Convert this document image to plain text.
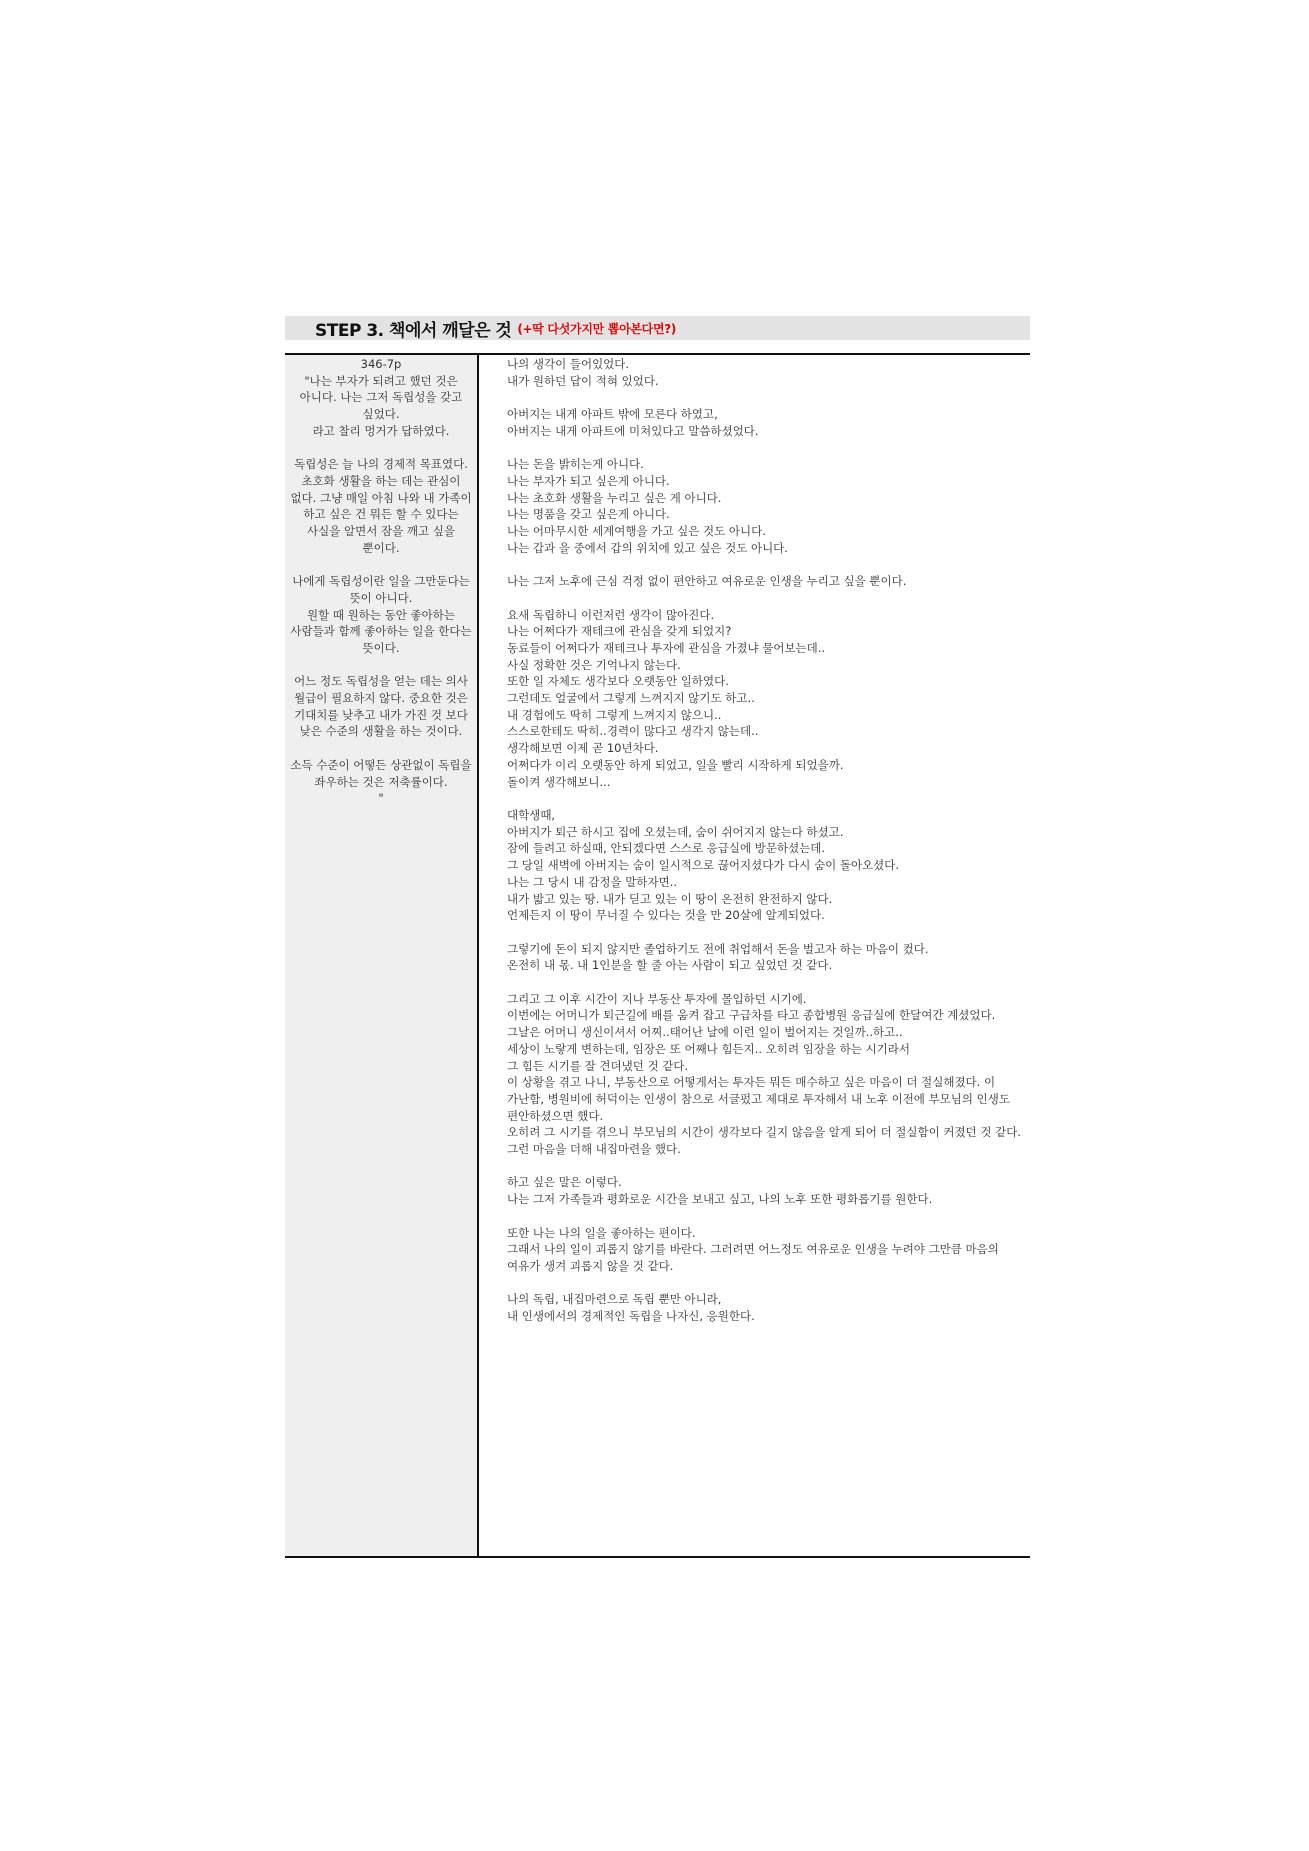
STEP 3. 책에서 깨달은 것 (+딱 다섯가지만 뽑아본다면?)

346-7p

"나는 부자가 되려고 했던 것은 아니다. 나는 그저 독립성을 갖고 싶었다.
라고 찰리 멍거가 답하였다.

독립성은 늘 나의 경제적 목표였다.
초호화 생활을 하는 데는 관심이 없다. 그냥 매일 아침 나와 내 가족이 하고 싶은 건 뭐든 할 수 있다는 사실을 알면서 잠을 깨고 싶을 뿐이다.

나에게 독립성이란 일을 그만둔다는 뜻이 아니다.
원할 때 원하는 동안 좋아하는 사람들과 함께 좋아하는 일을 한다는 뜻이다.

어느 정도 독립성을 얻는 데는 의사 월급이 필요하지 않다. 중요한 것은 기대치를 낮추고 내가 가진 것 보다 낮은 수준의 생활을 하는 것이다.

소득 수준이 어떻든 상관없이 독립을 좌우하는 것은 저축률이다.
"

나의 생각이 들어있었다.
내가 원하던 답이 적혀 있었다.

아버지는 내게 아파트 밖에 모른다 하였고,
아버지는 내게 아파트에 미쳐있다고 말씀하셨었다.

나는 돈을 밝히는게 아니다.
나는 부자가 되고 싶은게 아니다.
나는 초호화 생활을 누리고 싶은 게 아니다.
나는 명품을 갖고 싶은게 아니다.
나는 어마무시한 세계여행을 가고 싶은 것도 아니다.
나는 갑과 을 중에서 갑의 위치에 있고 싶은 것도 아니다.

나는 그저 노후에 근심 걱정 없이 편안하고 여유로운 인생을 누리고 싶을 뿐이다.

요새 독립하니 이런저런 생각이 많아진다.
나는 어쩌다가 재테크에 관심을 갖게 되었지?
동료들이 어쩌다가 재테크나 투자에 관심을 가졌냐 물어보는데..
사실 정확한 것은 기억나지 않는다.
또한 일 자체도 생각보다 오랫동안 일하였다.
그런데도 얼굴에서 그렇게 느껴지지 않기도 하고..
내 경험에도 딱히 그렇게 느껴지지 않으니..
스스로한테도 딱히..경력이 많다고 생각지 않는데..
생각해보면 이제 곧 10년차다.
어쩌다가 이리 오랫동안 하게 되었고, 일을 빨리 시작하게 되었을까.
돌이켜 생각해보니...

대학생때,
아버지가 퇴근 하시고 집에 오셨는데, 숨이 쉬어지지 않는다 하셨고.
잠에 들려고 하실때, 안되겠다면 스스로 응급실에 방문하셨는데.
그 당일 새벽에 아버지는 숨이 일시적으로 끊어지셨다가 다시 숨이 돌아오셨다.
나는 그 당시 내 감정을 말하자면..
내가 밟고 있는 땅. 내가 딛고 있는 이 땅이 온전히 완전하지 않다.
언제든지 이 땅이 무너질 수 있다는 것을 만 20살에 알게되었다.

그렇기에 돈이 되지 않지만 졸업하기도 전에 취업해서 돈을 벌고자 하는 마음이 컸다.
온전히 내 몫. 내 1인분을 할 줄 아는 사람이 되고 싶었던 것 같다.

그리고 그 이후 시간이 지나 부동산 투자에 몰입하던 시기에.
이번에는 어머니가 퇴근길에 배를 움켜 잡고 구급차를 타고 종합병원 응급실에 한달여간 계셨었다. 그날은 어머니 생신이셔서 어찌..태어난 날에 이런 일이 벌어지는 것일까..하고..
세상이 노랗게 변하는데, 임장은 또 어째나 힘든지.. 오히려 임장을 하는 시기라서
그 힘든 시기를 잘 견뎌냈던 것 같다.
이 상황을 겪고 나니, 부동산으로 어떻게서는 투자든 뭐든 매수하고 싶은 마음이 더 절실해졌다. 이 가난함, 병원비에 허덕이는 인생이 참으로 서글펐고 제대로 투자해서 내 노후 이전에 부모님의 인생도 편안하셨으면 했다.
오히려 그 시기를 겪으니 부모님의 시간이 생각보다 길지 않음을 알게 되어 더 절실함이 커졌던 것 같다. 그런 마음을 더해 내집마련을 했다.

하고 싶은 말은 이렇다.
나는 그저 가족들과 평화로운 시간을 보내고 싶고, 나의 노후 또한 평화롭기를 원한다.

또한 나는 나의 일을 좋아하는 편이다.
그래서 나의 일이 괴롭지 않기를 바란다. 그러려면 어느정도 여유로운 인생을 누려야 그만큼 마음의 여유가 생겨 괴롭지 않을 것 같다.

나의 독립, 내집마련으로 독립 뿐만 아니라,
내 인생에서의 경제적인 독립을 나자신, 응원한다.
